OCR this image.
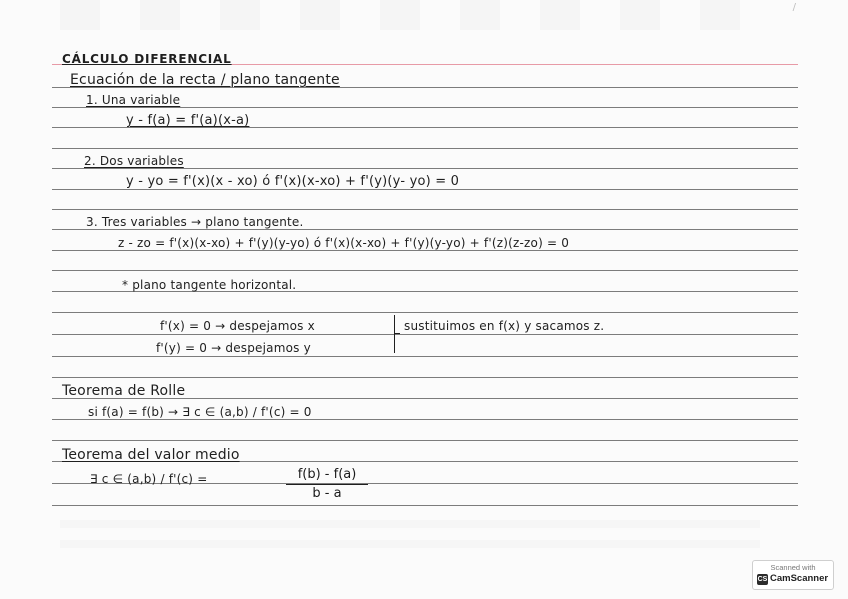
/
CÁLCULO DIFERENCIAL
Ecuación de la recta / plano tangente
1. Una variable
y - f(a) = f'(a)(x-a)
2. Dos variables
y - yo = f'(x)(x - xo) ó f'(x)(x-xo) + f'(y)(y- yo) = 0
3. Tres variables → plano tangente.
z - zo = f'(x)(x-xo) + f'(y)(y-yo) ó f'(x)(x-xo) + f'(y)(y-yo) + f'(z)(z-zo) = 0
* plano tangente horizontal.
f'(x) = 0 → despejamos x
f'(y) = 0 → despejamos y
sustituimos en f(x) y sacamos z.
Teorema de Rolle
si f(a) = f(b) → ∃ c ∈ (a,b) / f'(c) = 0
Teorema del valor medio
∃ c ∈ (a,b) / f'(c) =	f(b) - f(a)
b - a
Scanned with
CS CamScanner
